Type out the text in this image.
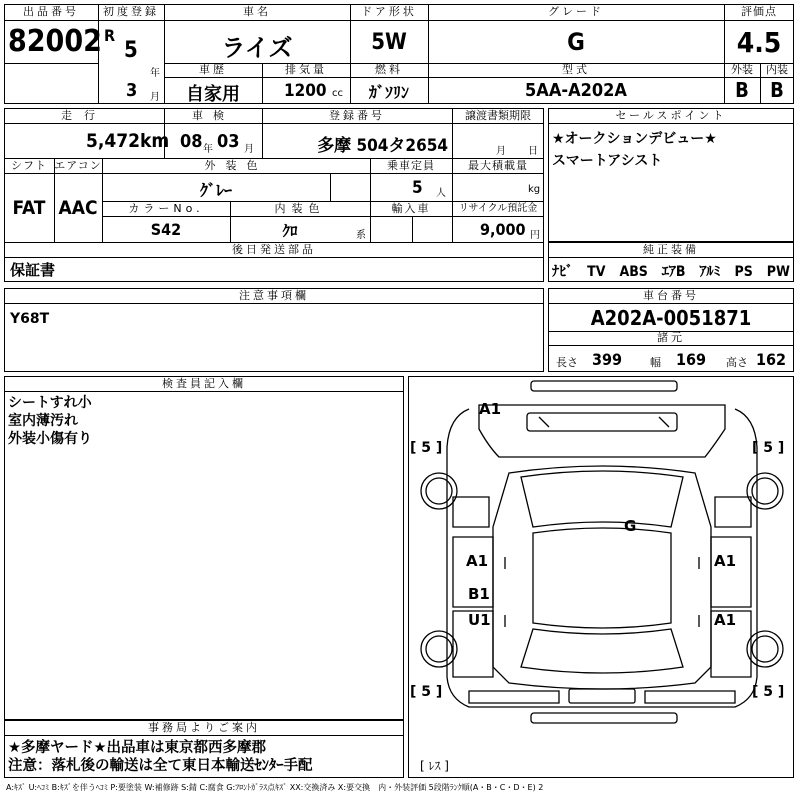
出品番号
82002
初度登録
R
5
年
3 月
車名
ライズ
車歴
自家用
排気量
1200 cc
ドア形状
5W
燃料
ｶﾞｿﾘﾝ
グレード
G
型式
5AA-A202A
評価点
4.5
外装	内装
B	B
走行
5,472 km
車検
08 年 03 月
登録番号
多摩 504タ2654
譲渡書類期限
月 日
シフト
FAT
エアコン
AAC
外装色
ｸﾞﾚｰ
乗車定員
5 人
最大積載量
kg
カラーNo.
S42
内装色
ｸﾛ	系
輸入車	リサイクル預託金
9,000 円
後日発送部品
保証書
セールスポイント
★オークションデビュー★
スマートアシスト
純正装備
ﾅﾋﾞ　TV　ABS　ｴｱB　ｱﾙﾐ　PS　PW
注意事項欄
Y68T
車台番号
A202A-0051871
諸元
長さ 399	幅 169 高さ 162
検査員記入欄
シートすれ小
室内薄汚れ
外装小傷有り
事務局よりご案内
★多摩ヤード★出品車は東京都西多摩郡
注意：落札後の輸送は全て東日本輸送ｾﾝﾀｰ手配
A1
G
A1	A1
B1
U1	A1
[ 5 ]	[ 5 ]
[ 5 ]	[ 5 ]
[ ﾚｽ ]
A:ｷｽﾞ U:ﾍｺﾐ B:ｷｽﾞを伴うﾍｺﾐ P:要塗装 W:補修跡 S:錆 C:腐食 G:ﾌﾛﾝﾄｶﾞﾗｽ点ｷｽﾞ XX:交換済み X:要交換　内・外装評価 5段階ﾗﾝｸ順(A・B・C・D・E) 2
